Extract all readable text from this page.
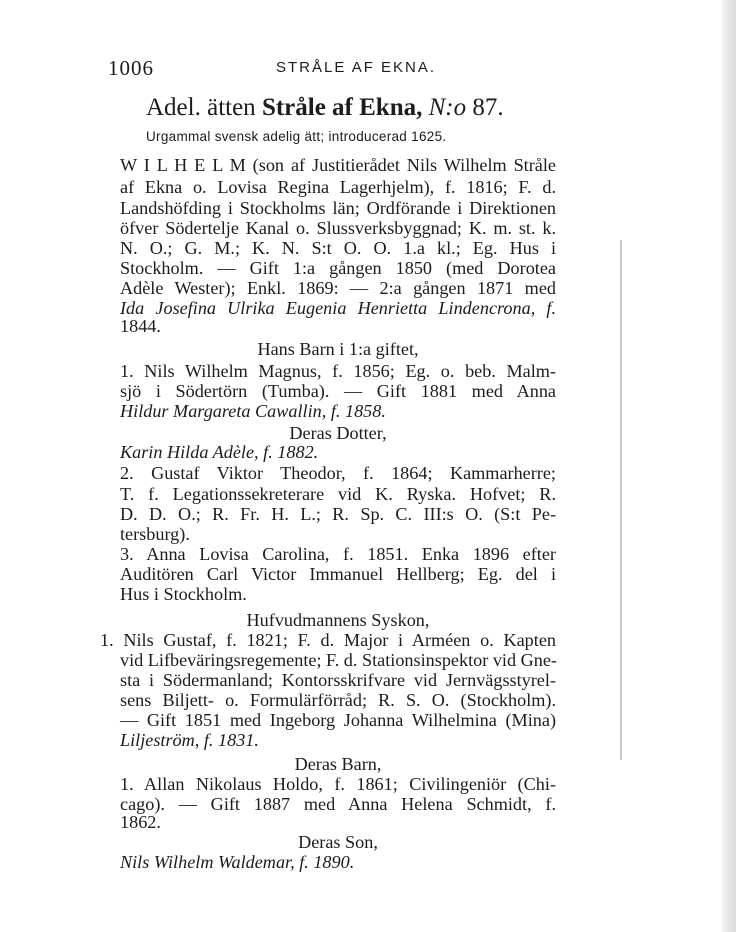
1006	STRÅLE AF EKNA.
Adel. ätten Stråle af Ekna, N:o 87.
Urgammal svensk adelig ätt; introducerad 1625.
W I L H E L M (son af Justitierådet Nils Wilhelm Stråle
af Ekna o. Lovisa Regina Lagerhjelm), f. 1816; F. d.
Landshöfding i Stockholms län; Ordförande i Direktionen
öfver Södertelje Kanal o. Slussverksbyggnad; K. m. st. k.
N. O.; G. M.; K. N. S:t O. O. 1.a kl.; Eg. Hus i
Stockholm. — Gift 1:a gången 1850 (med Dorotea
Adèle Wester); Enkl. 1869: — 2:a gången 1871 med
Ida Josefina Ulrika Eugenia Henrietta Lindencrona, f.
1844.
Hans Barn i 1:a giftet,
1. Nils Wilhelm Magnus, f. 1856; Eg. o. beb. Malm-
sjö i Södertörn (Tumba). — Gift 1881 med Anna
Hildur Margareta Cawallin, f. 1858.
Deras Dotter,
Karin Hilda Adèle, f. 1882.
2. Gustaf Viktor Theodor, f. 1864; Kammarherre;
T. f. Legationssekreterare vid K. Ryska. Hofvet; R.
D. D. O.; R. Fr. H. L.; R. Sp. C. III:s O. (S:t Pe-
tersburg).
3. Anna Lovisa Carolina, f. 1851. Enka 1896 efter
Auditören Carl Victor Immanuel Hellberg; Eg. del i
Hus i Stockholm.
Hufvudmannens Syskon,
1. Nils Gustaf, f. 1821; F. d. Major i Arméen o. Kapten
vid Lifbeväringsregemente; F. d. Stationsinspektor vid Gne-
sta i Södermanland; Kontorsskrifvare vid Jernvägsstyrel-
sens Biljett- o. Formulärförråd; R. S. O. (Stockholm).
— Gift 1851 med Ingeborg Johanna Wilhelmina (Mina)
Liljeström, f. 1831.
Deras Barn,
1. Allan Nikolaus Holdo, f. 1861; Civilingeniör (Chi-
cago). — Gift 1887 med Anna Helena Schmidt, f.
1862.
Deras Son,
Nils Wilhelm Waldemar, f. 1890.
